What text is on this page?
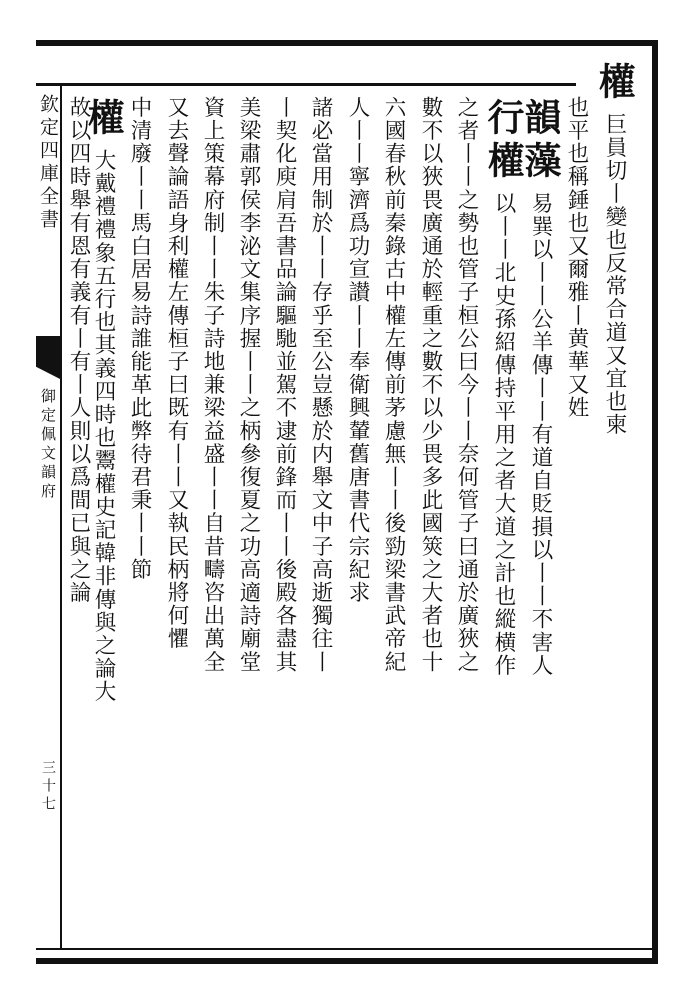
欽定四庫全書
御定佩文韻府
三十七
權巨員切丨變也反常合道又宜也柬
也平也稱錘也又爾雅丨黄華又姓
韻藻易巽以丨丨公羊傳丨丨有道自貶損以丨丨不害人
行權以丨丨北史孫紹傳持平用之者大道之計也縱横作
之者丨丨之勢也管子桓公曰今丨丨奈何管子曰通於廣狹之
數不以狹畏廣通於輕重之數不以少畏多此國筴之大者也十
六國春秋前秦錄古中權左傳前茅慮無丨丨後勁梁書武帝紀
人丨丨寧濟爲功宣讃丨丨奉衛興輦舊唐書代宗紀求
諸必當用制於丨丨存乎至公豈懸於内舉文中子高逝獨往丨
丨契化庾肩吾書品論驅馳並駕不逮前鋒而丨丨後殿各盡其
美梁肅郭侯李泌文集序握丨丨之柄參復夏之功高適詩廟堂
資上策幕府制丨丨朱子詩地兼梁益盛丨丨自昔疇咨出萬全
又去聲論語身利權左傳桓子曰既有丨丨又執民柄將何懼
中清廢丨丨馬白居易詩誰能革此弊待君秉丨丨節
權大戴禮禮象五行也其義四時也鬻權史記韓非傳與之論大
故以四時舉有恩有義有丨有丨人則以爲間已與之論
